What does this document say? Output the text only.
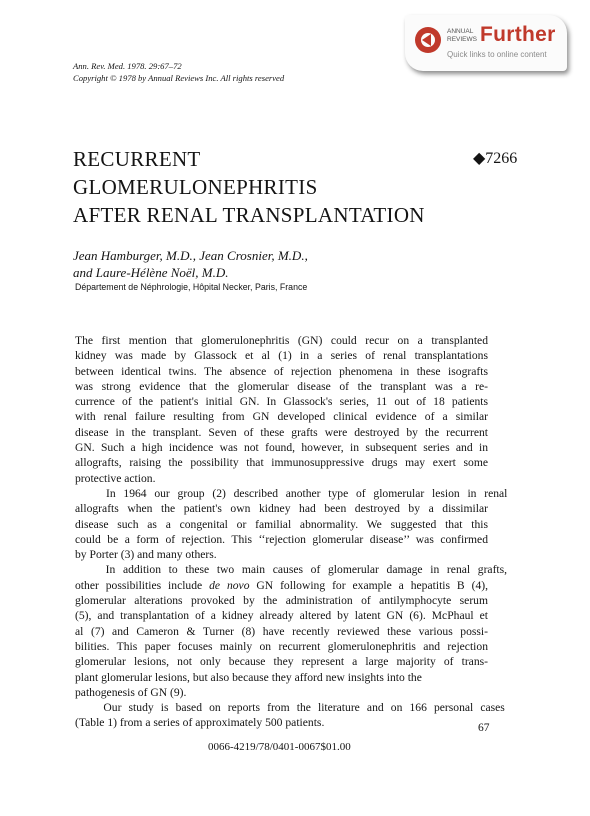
Ann. Rev. Med. 1978. 29:67–72
Copyright © 1978 by Annual Reviews Inc. All rights reserved
ANNUAL
REVIEWS Further
Quick links to online content
RECURRENT
GLOMERULONEPHRITIS
AFTER RENAL TRANSPLANTATION
◆7266
Jean Hamburger, M.D., Jean Crosnier, M.D.,
and Laure-Hélène Noël, M.D.
Département de Néphrologie, Hôpital Necker, Paris, France
The first mention that glomerulonephritis (GN) could recur on a transplanted
kidney was made by Glassock et al (1) in a series of renal transplantations
between identical twins. The absence of rejection phenomena in these isografts
was strong evidence that the glomerular disease of the transplant was a re-
currence of the patient's initial GN. In Glassock's series, 11 out of 18 patients
with renal failure resulting from GN developed clinical evidence of a similar
disease in the transplant. Seven of these grafts were destroyed by the recurrent
GN. Such a high incidence was not found, however, in subsequent series and in
allografts, raising the possibility that immunosuppressive drugs may exert some
protective action.
In 1964 our group (2) described another type of glomerular lesion in renal
allografts when the patient's own kidney had been destroyed by a dissimilar
disease such as a congenital or familial abnormality. We suggested that this
could be a form of rejection. This ‘‘rejection glomerular disease’’ was confirmed
by Porter (3) and many others.
In addition to these two main causes of glomerular damage in renal grafts,
other possibilities include de novo GN following for example a hepatitis B (4),
glomerular alterations provoked by the administration of antilymphocyte serum
(5), and transplantation of a kidney already altered by latent GN (6). McPhaul et
al (7) and Cameron & Turner (8) have recently reviewed these various possi-
bilities. This paper focuses mainly on recurrent glomerulonephritis and rejection
glomerular lesions, not only because they represent a large majority of trans-
plant glomerular lesions, but also because they afford new insights into the
pathogenesis of GN (9).
Our study is based on reports from the literature and on 166 personal cases
(Table 1) from a series of approximately 500 patients.	67
0066-4219/78/0401-0067$01.00
